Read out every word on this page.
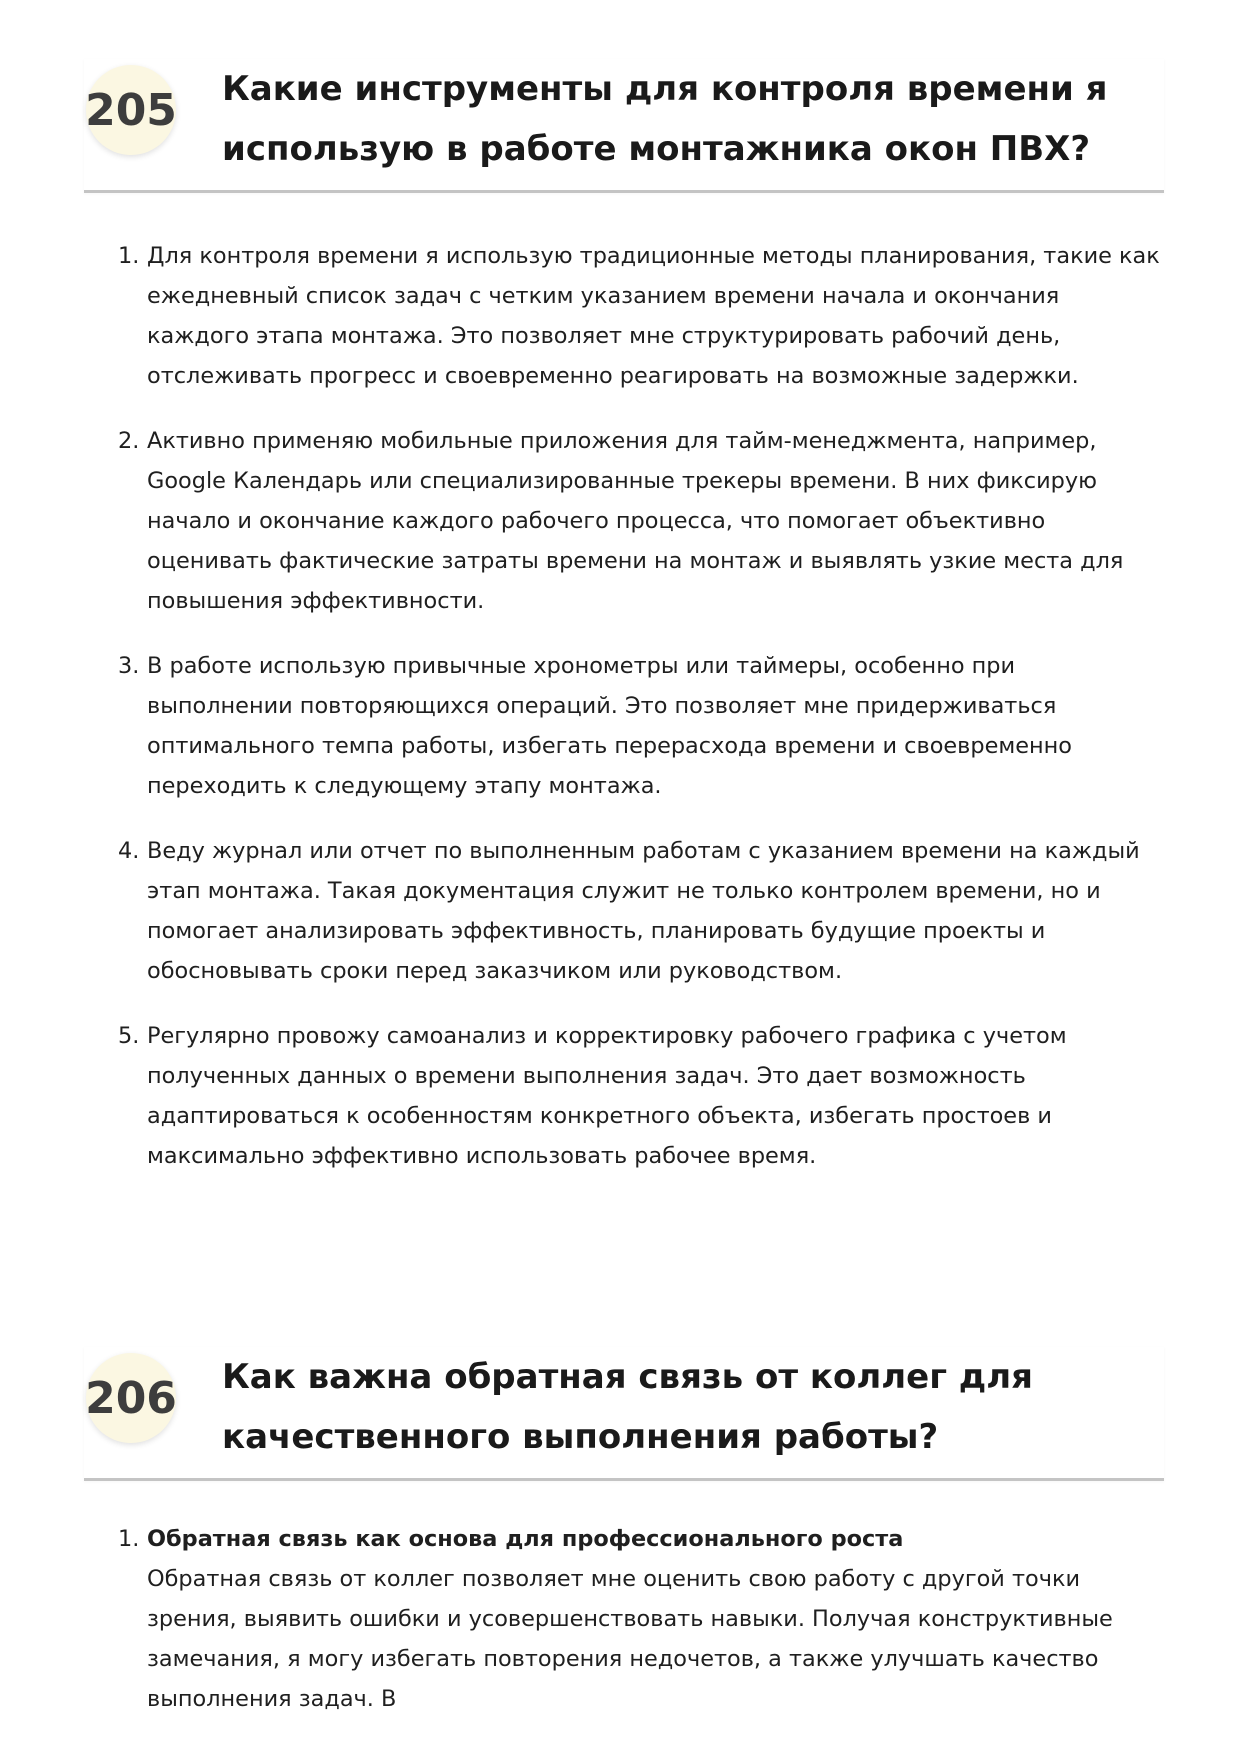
205 Какие инструменты для контроля времени я использую в работе монтажника окон ПВХ?
1. Для контроля времени я использую традиционные методы планирования, такие как ежедневный список задач с четким указанием времени начала и окончания каждого этапа монтажа. Это позволяет мне структурировать рабочий день, отслеживать прогресс и своевременно реагировать на возможные задержки.
2. Активно применяю мобильные приложения для тайм-менеджмента, например, Google Календарь или специализированные трекеры времени. В них фиксирую начало и окончание каждого рабочего процесса, что помогает объективно оценивать фактические затраты времени на монтаж и выявлять узкие места для повышения эффективности.
3. В работе использую привычные хронометры или таймеры, особенно при выполнении повторяющихся операций. Это позволяет мне придерживаться оптимального темпа работы, избегать перерасхода времени и своевременно переходить к следующему этапу монтажа.
4. Веду журнал или отчет по выполненным работам с указанием времени на каждый этап монтажа. Такая документация служит не только контролем времени, но и помогает анализировать эффективность, планировать будущие проекты и обосновывать сроки перед заказчиком или руководством.
5. Регулярно провожу самоанализ и корректировку рабочего графика с учетом полученных данных о времени выполнения задач. Это дает возможность адаптироваться к особенностям конкретного объекта, избегать простоев и максимально эффективно использовать рабочее время.
206 Как важна обратная связь от коллег для качественного выполнения работы?
1. Обратная связь как основа для профессионального роста
Обратная связь от коллег позволяет мне оценить свою работу с другой точки зрения, выявить ошибки и усовершенствовать навыки. Получая конструктивные замечания, я могу избегать повторения недочетов, а также улучшать качество выполнения задач. В
